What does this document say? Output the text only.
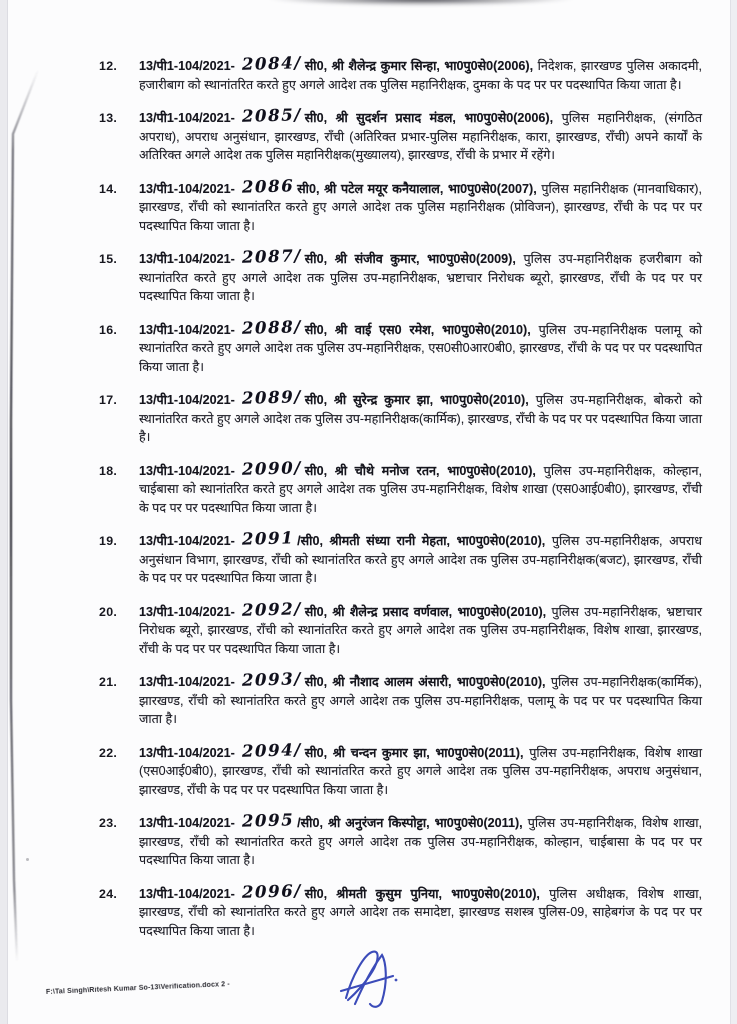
12.	13/पी1-104/2021- 2084/ सी0, श्री शैलेन्द्र कुमार सिन्हा, भा0पु0से0(2006), निदेशक, झारखण्ड पुलिस अकादमी, हजारीबाग को स्थानांतरित करते हुए अगले आदेश तक पुलिस महानिरीक्षक, दुमका के पद पर पर पदस्थापित किया जाता है।

13.	13/पी1-104/2021- 2085/ सी0, श्री सुदर्शन प्रसाद मंडल, भा0पु0से0(2006), पुलिस महानिरीक्षक, (संगठित अपराध), अपराध अनुसंधान, झारखण्ड, राँची (अतिरिक्त प्रभार-पुलिस महानिरीक्षक, कारा, झारखण्ड, राँची) अपने कार्यों के अतिरिक्त अगले आदेश तक पुलिस महानिरीक्षक(मुख्यालय), झारखण्ड, राँची के प्रभार में रहेंगे।

14.	13/पी1-104/2021- 2086 सी0, श्री पटेल मयूर कनैयालाल, भा0पु0से0(2007), पुलिस महानिरीक्षक (मानवाधिकार), झारखण्ड, राँची को स्थानांतरित करते हुए अगले आदेश तक पुलिस महानिरीक्षक (प्रोविजन), झारखण्ड, राँची के पद पर पर पदस्थापित किया जाता है।

15.	13/पी1-104/2021- 2087/ सी0, श्री संजीव कुमार, भा0पु0से0(2009), पुलिस उप-महानिरीक्षक हजरीबाग को स्थानांतरित करते हुए अगले आदेश तक पुलिस उप-महानिरीक्षक, भ्रष्टाचार निरोधक ब्यूरो, झारखण्ड, राँची के पद पर पर पदस्थापित किया जाता है।

16.	13/पी1-104/2021- 2088/ सी0, श्री वाई एस0 रमेश, भा0पु0से0(2010), पुलिस उप-महानिरीक्षक पलामू को स्थानांतरित करते हुए अगले आदेश तक पुलिस उप-महानिरीक्षक, एस0सी0आर0बी0, झारखण्ड, राँची के पद पर पर पदस्थापित किया जाता है।

17.	13/पी1-104/2021- 2089/ सी0, श्री सुरेन्द्र कुमार झा, भा0पु0से0(2010), पुलिस उप-महानिरीक्षक, बोकरो को स्थानांतरित करते हुए अगले आदेश तक पुलिस उप-महानिरीक्षक(कार्मिक), झारखण्ड, राँची के पद पर पर पदस्थापित किया जाता है।

18.	13/पी1-104/2021- 2090/ सी0, श्री चौथे मनोज रतन, भा0पु0से0(2010), पुलिस उप-महानिरीक्षक, कोल्हान, चाईबासा को स्थानांतरित करते हुए अगले आदेश तक पुलिस उप-महानिरीक्षक, विशेष शाखा (एस0आई0बी0), झारखण्ड, राँची के पद पर पर पदस्थापित किया जाता है।

19.	13/पी1-104/2021- 2091 /सी0, श्रीमती संध्या रानी मेहता, भा0पु0से0(2010), पुलिस उप-महानिरीक्षक, अपराध अनुसंधान विभाग, झारखण्ड, राँची को स्थानांतरित करते हुए अगले आदेश तक पुलिस उप-महानिरीक्षक(बजट), झारखण्ड, राँची के पद पर पर पदस्थापित किया जाता है।

20.	13/पी1-104/2021- 2092/ सी0, श्री शैलेन्द्र प्रसाद वर्णवाल, भा0पु0से0(2010), पुलिस उप-महानिरीक्षक, भ्रष्टाचार निरोधक ब्यूरो, झारखण्ड, राँची को स्थानांतरित करते हुए अगले आदेश तक पुलिस उप-महानिरीक्षक, विशेष शाखा, झारखण्ड, राँची के पद पर पर पदस्थापित किया जाता है।

21.	13/पी1-104/2021- 2093/ सी0, श्री नौशाद आलम अंसारी, भा0पु0से0(2010), पुलिस उप-महानिरीक्षक(कार्मिक), झारखण्ड, राँची को स्थानांतरित करते हुए अगले आदेश तक पुलिस उप-महानिरीक्षक, पलामू के पद पर पर पदस्थापित किया जाता है।

22.	13/पी1-104/2021- 2094/ सी0, श्री चन्दन कुमार झा, भा0पु0से0(2011), पुलिस उप-महानिरीक्षक, विशेष शाखा (एस0आई0बी0), झारखण्ड, राँची को स्थानांतरित करते हुए अगले आदेश तक पुलिस उप-महानिरीक्षक, अपराध अनुसंधान, झारखण्ड, राँची के पद पर पर पदस्थापित किया जाता है।

23.	13/पी1-104/2021- 2095 /सी0, श्री अनुरंजन किस्पोट्टा, भा0पु0से0(2011), पुलिस उप-महानिरीक्षक, विशेष शाखा, झारखण्ड, राँची को स्थानांतरित करते हुए अगले आदेश तक पुलिस उप-महानिरीक्षक, कोल्हान, चाईबासा के पद पर पर पदस्थापित किया जाता है।

24.	13/पी1-104/2021- 2096/ सी0, श्रीमती कुसुम पुनिया, भा0पु0से0(2010), पुलिस अधीक्षक, विशेष शाखा, झारखण्ड, राँची को स्थानांतरित करते हुए अगले आदेश तक समादेष्टा, झारखण्ड सशस्त्र पुलिस-09, साहेबगंज के पद पर पर पदस्थापित किया जाता है।

F:\Tal Singh\Ritesh Kumar So-13\Verification.docx 2 -
